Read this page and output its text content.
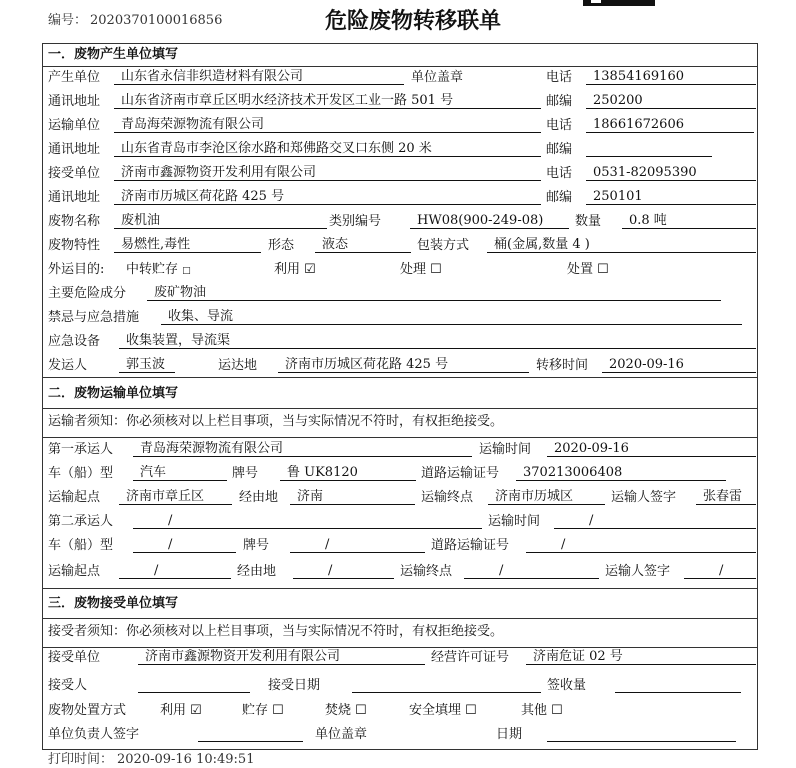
编号： 2020370100016856	危险废物转移联单
一．废物产生单位填写
产生单位	山东省永信非织造材料有限公司	单位盖章	电话	13854169160
通讯地址	山东省济南市章丘区明水经济技术开发区工业一路 501 号	邮编	250200
运输单位	青岛海荣源物流有限公司	电话	18661672606
通讯地址	山东省青岛市李沧区徐水路和郑佛路交叉口东侧 20 米	邮编
接受单位	济南市鑫源物资开发利用有限公司	电话	0531-82095390
通讯地址	济南市历城区荷花路 425 号	邮编	250101
废物名称	废机油	类别编号	HW08(900-249-08)	数量	0.8 吨
废物特性	易燃性,毒性	形态	液态	包装方式	桶(金属,数量 4 )
外运目的: 中转贮存 □	利用 ☑	处理 ☐	处置 ☐
主要危险成分	废矿物油
禁忌与应急措施	收集、导流
应急设备	收集装置，导流渠
发运人	郭玉波	运达地	济南市历城区荷花路 425 号	转移时间	2020-09-16
二．废物运输单位填写
运输者须知：你必须核对以上栏目事项，当与实际情况不符时，有权拒绝接受。
第一承运人	青岛海荣源物流有限公司	运输时间	2020-09-16
车（船）型	汽车	牌号	鲁 UK8120	道路运输证号	370213006408
运输起点	济南市章丘区	经由地	济南	运输终点	济南市历城区	运输人签字	张春雷
第二承运人	/	运输时间	/
车（船）型	/	牌号	/	道路运输证号	/
运输起点	/	经由地	/	运输终点	/	运输人签字	/
三．废物接受单位填写
接受者须知：你必须核对以上栏目事项，当与实际情况不符时，有权拒绝接受。
接受单位	济南市鑫源物资开发利用有限公司	经营许可证号	济南危证 02 号
接受人	接受日期	签收量
废物处置方式	利用 ☑	贮存 ☐	焚烧 ☐	安全填埋 ☐	其他 ☐
单位负责人签字	单位盖章	日期
打印时间： 2020-09-16 10:49:51
